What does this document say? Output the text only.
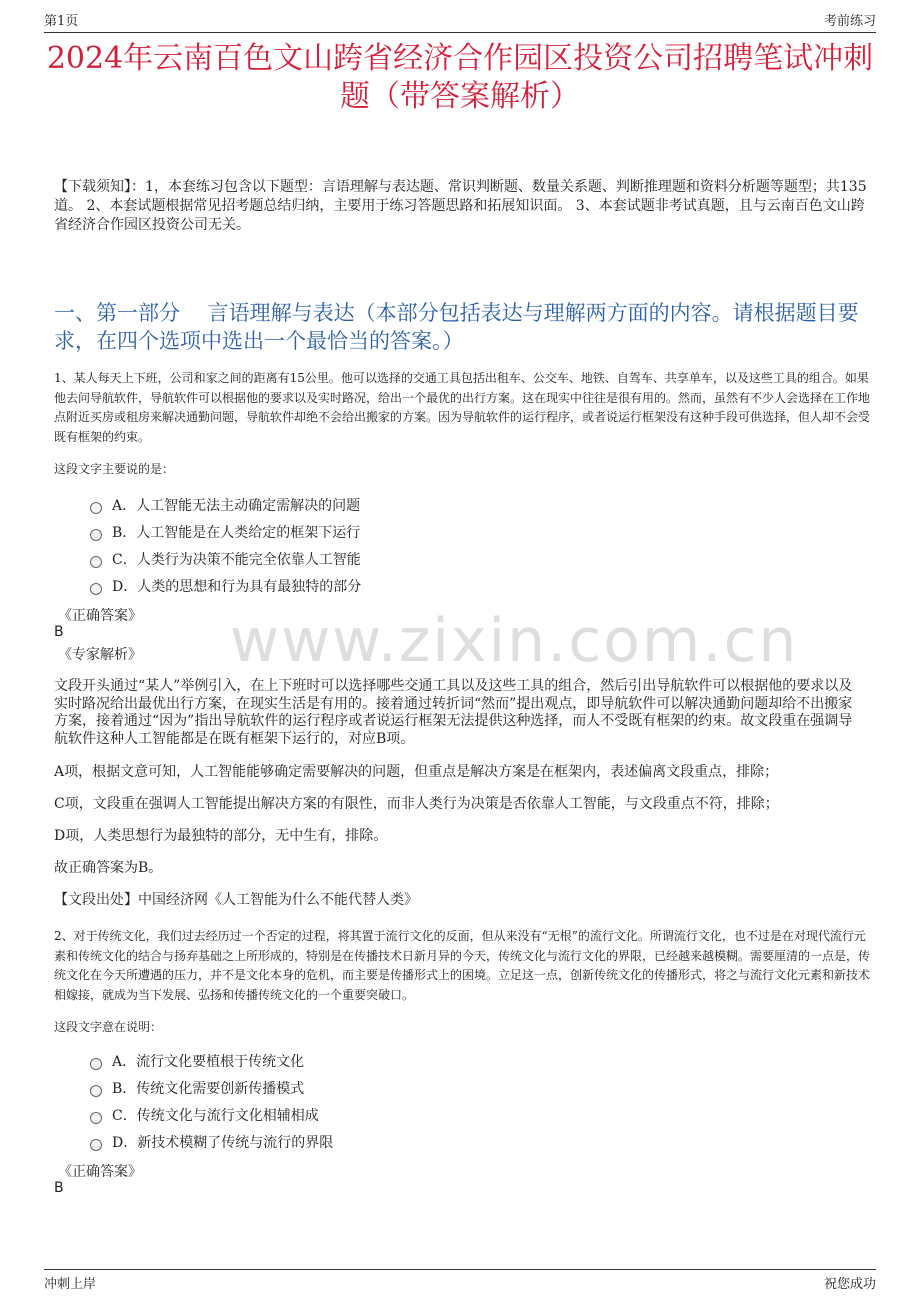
第1页	考前练习
2024年云南百色文山跨省经济合作园区投资公司招聘笔试冲刺题（带答案解析）

【下载须知】：1，本套练习包含以下题型：言语理解与表达题、常识判断题、数量关系题、判断推理题和资料分析题等题型；共135道。 2、本套试题根据常见招考题总结归纳，主要用于练习答题思路和拓展知识面。 3、本套试题非考试真题，且与云南百色文山跨省经济合作园区投资公司无关。

一、第一部分　 言语理解与表达（本部分包括表达与理解两方面的内容。请根据题目要求，在四个选项中选出一个最恰当的答案。）

1、某人每天上下班，公司和家之间的距离有15公里。他可以选择的交通工具包括出租车、公交车、地铁、自驾车、共享单车，以及这些工具的组合。如果他去问导航软件，导航软件可以根据他的要求以及实时路况，给出一个最优的出行方案。这在现实中往往是很有用的。然而，虽然有不少人会选择在工作地点附近买房或租房来解决通勤问题，导航软件却绝不会给出搬家的方案。因为导航软件的运行程序，或者说运行框架没有这种手段可供选择，但人却不会受既有框架的约束。

这段文字主要说的是：

A．人工智能无法主动确定需解决的问题
B．人工智能是在人类给定的框架下运行
C．人类行为决策不能完全依靠人工智能
D．人类的思想和行为具有最独特的部分

《正确答案》

B

《专家解析》 www.zixin.com.cn

文段开头通过“某人”举例引入，在上下班时可以选择哪些交通工具以及这些工具的组合，然后引出导航软件可以根据他的要求以及实时路况给出最优出行方案，在现实生活是有用的。接着通过转折词“然而”提出观点，即导航软件可以解决通勤问题却给不出搬家方案，接着通过“因为”指出导航软件的运行程序或者说运行框架无法提供这种选择，而人不受既有框架的约束。故文段重在强调导航软件这种人工智能都是在既有框架下运行的，对应B项。

A项，根据文意可知，人工智能能够确定需要解决的问题，但重点是解决方案是在框架内，表述偏离文段重点，排除；

C项，文段重在强调人工智能提出解决方案的有限性，而非人类行为决策是否依靠人工智能，与文段重点不符，排除；

D项，人类思想行为最独特的部分，无中生有，排除。

故正确答案为B。

【文段出处】中国经济网《人工智能为什么不能代替人类》

2、对于传统文化，我们过去经历过一个否定的过程，将其置于流行文化的反面，但从来没有“无根”的流行文化。所谓流行文化，也不过是在对现代流行元素和传统文化的结合与扬弃基础之上所形成的，特别是在传播技术日新月异的今天，传统文化与流行文化的界限，已经越来越模糊。需要厘清的一点是，传统文化在今天所遭遇的压力，并不是文化本身的危机，而主要是传播形式上的困境。立足这一点，创新传统文化的传播形式，将之与流行文化元素和新技术相嫁接，就成为当下发展、弘扬和传播传统文化的一个重要突破口。

这段文字意在说明：

A．流行文化要植根于传统文化
B．传统文化需要创新传播模式
C．传统文化与流行文化相辅相成
D．新技术模糊了传统与流行的界限

《正确答案》

B

冲刺上岸	祝您成功
